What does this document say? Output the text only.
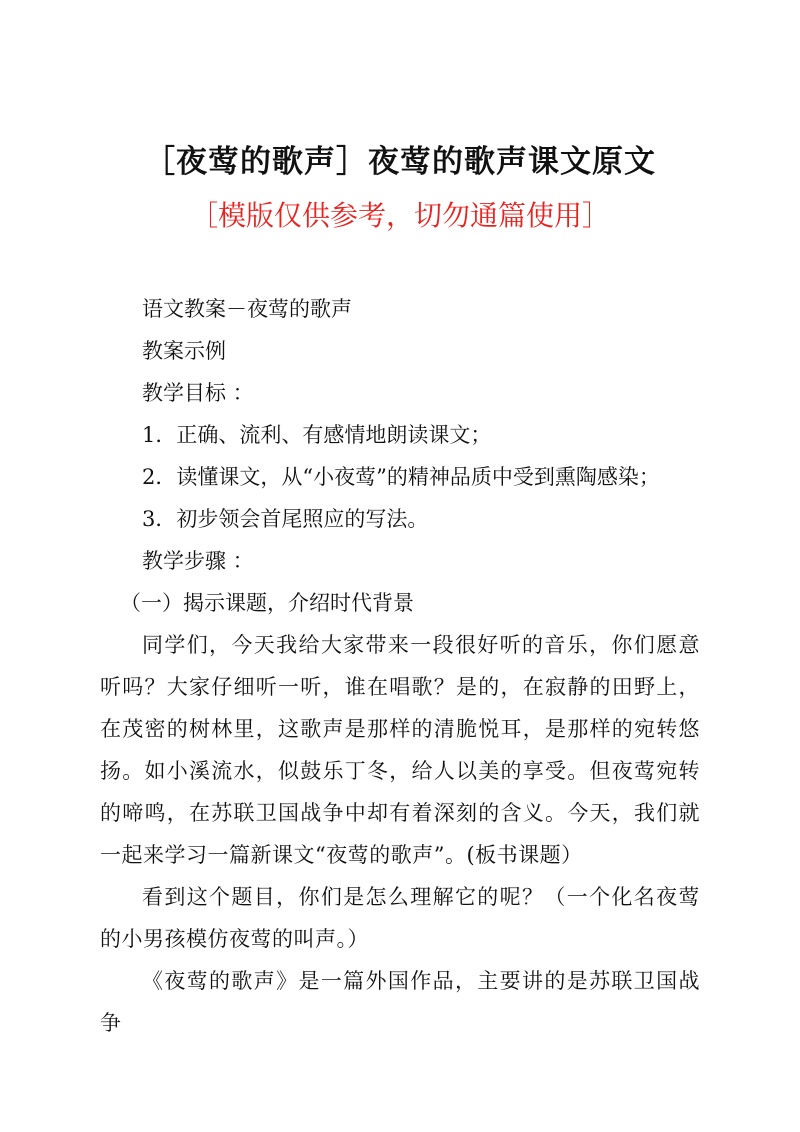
［夜莺的歌声］夜莺的歌声课文原文
［模版仅供参考，切勿通篇使用］
语文教案－夜莺的歌声
教案示例
教学目标 ：
1．正确、流利、有感情地朗读课文；
2．读懂课文，从“小夜莺”的精神品质中受到熏陶感染；
3．初步领会首尾照应的写法。
教学步骤 ：
（一）揭示课题，介绍时代背景

同学们，今天我给大家带来一段很好听的音乐，你们愿意听吗？大家仔细听一听，谁在唱歌？是的，在寂静的田野上，在茂密的树林里，这歌声是那样的清脆悦耳，是那样的宛转悠扬。如小溪流水，似鼓乐丁冬，给人以美的享受。但夜莺宛转的啼鸣，在苏联卫国战争中却有着深刻的含义。今天，我们就一起来学习一篇新课文“夜莺的歌声”。(板书课题）

看到这个题目，你们是怎么理解它的呢？（一个化名夜莺的小男孩模仿夜莺的叫声。）

《夜莺的歌声》是一篇外国作品，主要讲的是苏联卫国战争
